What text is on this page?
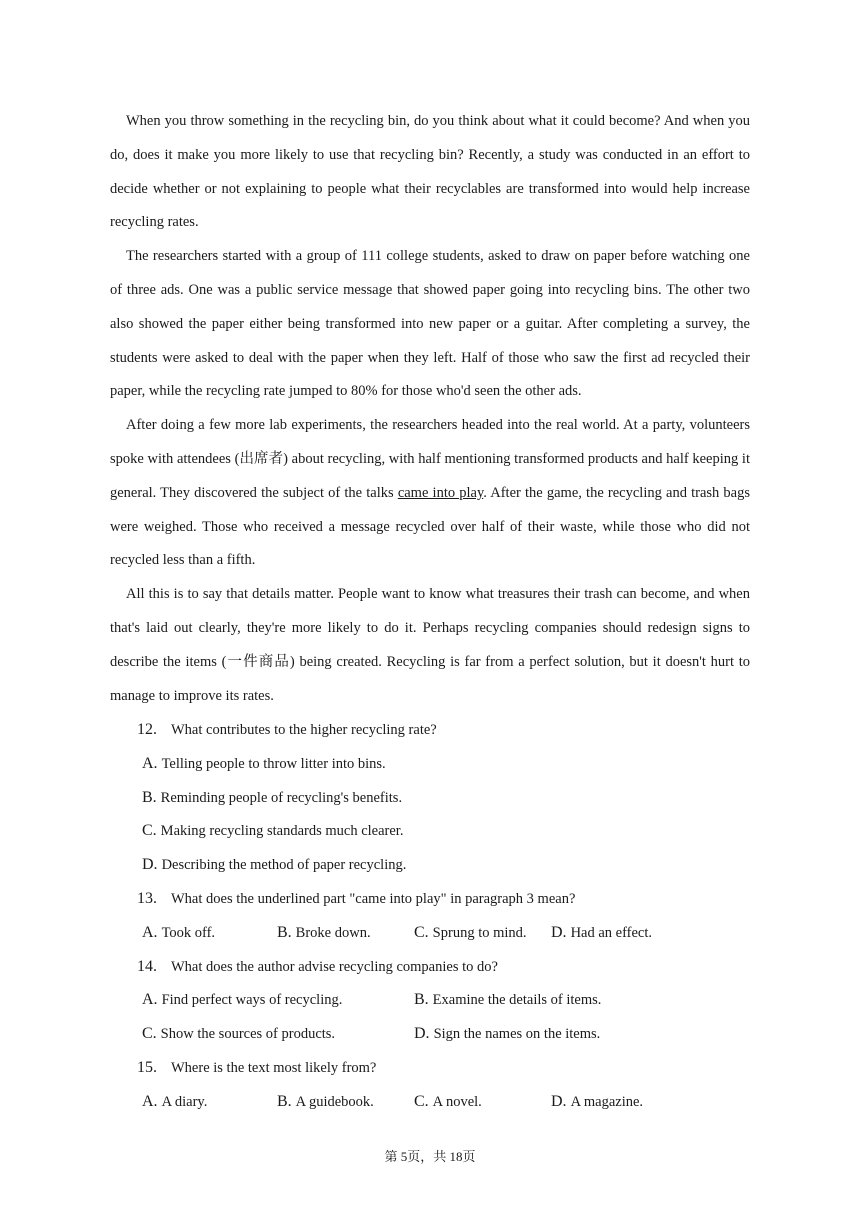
When you throw something in the recycling bin, do you think about what it could become? And when you do, does it make you more likely to use that recycling bin? Recently, a study was conducted in an effort to decide whether or not explaining to people what their recyclables are transformed into would help increase recycling rates.

The researchers started with a group of 111 college students, asked to draw on paper before watching one of three ads. One was a public service message that showed paper going into recycling bins. The other two also showed the paper either being transformed into new paper or a guitar. After completing a survey, the students were asked to deal with the paper when they left. Half of those who saw the first ad recycled their paper, while the recycling rate jumped to 80% for those who'd seen the other ads.

After doing a few more lab experiments, the researchers headed into the real world. At a party, volunteers spoke with attendees (出席者) about recycling, with half mentioning transformed products and half keeping it general. They discovered the subject of the talks came into play. After the game, the recycling and trash bags were weighed. Those who received a message recycled over half of their waste, while those who did not recycled less than a fifth.

All this is to say that details matter. People want to know what treasures their trash can become, and when that's laid out clearly, they're more likely to do it. Perhaps recycling companies should redesign signs to describe the items (一件商品) being created. Recycling is far from a perfect solution, but it doesn't hurt to manage to improve its rates.

12. What contributes to the higher recycling rate?
A. Telling people to throw litter into bins.
B. Reminding people of recycling's benefits.
C. Making recycling standards much clearer.
D. Describing the method of paper recycling.
13. What does the underlined part "came into play" in paragraph 3 mean?
A. Took off.	B. Broke down.	C. Sprung to mind. D. Had an effect.
14. What does the author advise recycling companies to do?
A. Find perfect ways of recycling.	B. Examine the details of items.
C. Show the sources of products.	D. Sign the names on the items.
15. Where is the text most likely from?
A. A diary.	B. A guidebook.	C. A novel.	D. A magazine.
第 5页，共 18页
